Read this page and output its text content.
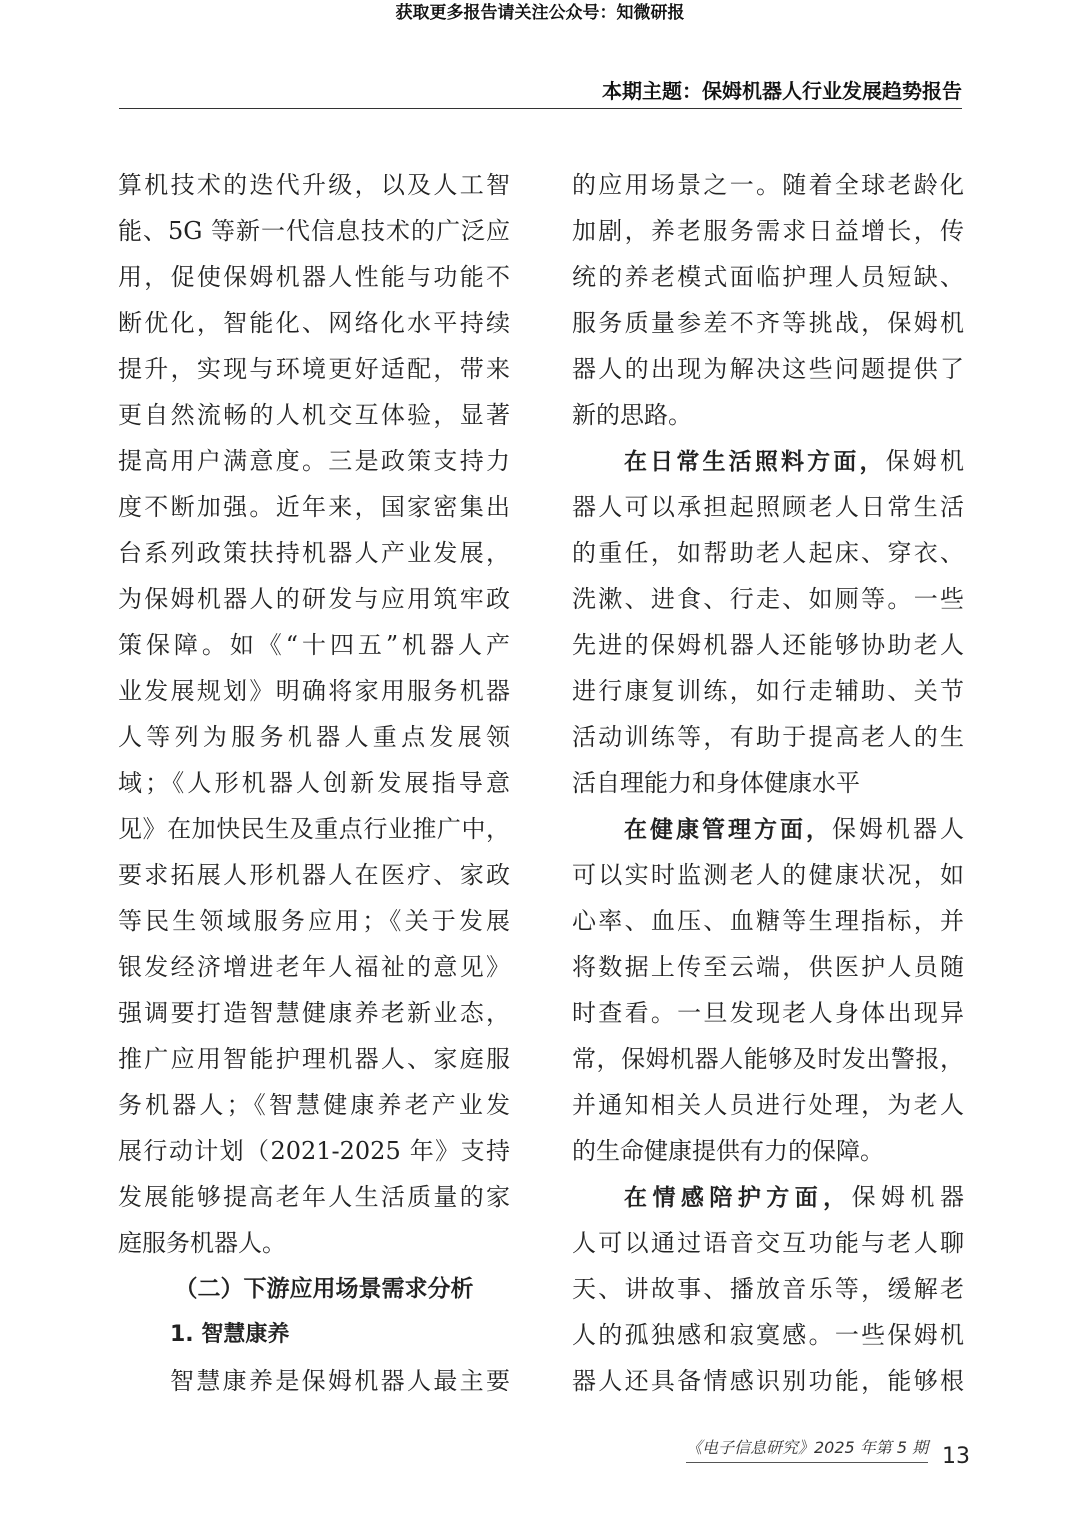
获取更多报告请关注公众号：知微研报
本期主题：保姆机器人行业发展趋势报告
算机技术的迭代升级，以及人工智
能、5G 等新一代信息技术的广泛应
用，促使保姆机器人性能与功能不
断优化，智能化、网络化水平持续
提升，实现与环境更好适配，带来
更自然流畅的人机交互体验，显著
提高用户满意度。三是政策支持力
度不断加强。近年来，国家密集出
台系列政策扶持机器人产业发展，
为保姆机器人的研发与应用筑牢政
策保障。如《“十四五”机器人产
业发展规划》明确将家用服务机器
人等列为服务机器人重点发展领
域；《人形机器人创新发展指导意
见》在加快民生及重点行业推广中，
要求拓展人形机器人在医疗、家政
等民生领域服务应用；《关于发展
银发经济增进老年人福祉的意见》
强调要打造智慧健康养老新业态，
推广应用智能护理机器人、家庭服
务机器人；《智慧健康养老产业发
展行动计划（2021-2025 年》支持
发展能够提高老年人生活质量的家
庭服务机器人。
（二）下游应用场景需求分析
1. 智慧康养
智慧康养是保姆机器人最主要
的应用场景之一。随着全球老龄化
加剧，养老服务需求日益增长，传
统的养老模式面临护理人员短缺、
服务质量参差不齐等挑战，保姆机
器人的出现为解决这些问题提供了
新的思路。
在日常生活照料方面，保姆机
器人可以承担起照顾老人日常生活
的重任，如帮助老人起床、穿衣、
洗漱、进食、行走、如厕等。一些
先进的保姆机器人还能够协助老人
进行康复训练，如行走辅助、关节
活动训练等，有助于提高老人的生
活自理能力和身体健康水平
在健康管理方面，保姆机器人
可以实时监测老人的健康状况，如
心率、血压、血糖等生理指标，并
将数据上传至云端，供医护人员随
时查看。一旦发现老人身体出现异
常，保姆机器人能够及时发出警报，
并通知相关人员进行处理，为老人
的生命健康提供有力的保障。
在情感陪护方面，保姆机器
人可以通过语音交互功能与老人聊
天、讲故事、播放音乐等，缓解老
人的孤独感和寂寞感。一些保姆机
器人还具备情感识别功能，能够根
《电子信息研究》2025 年第 5 期 13
